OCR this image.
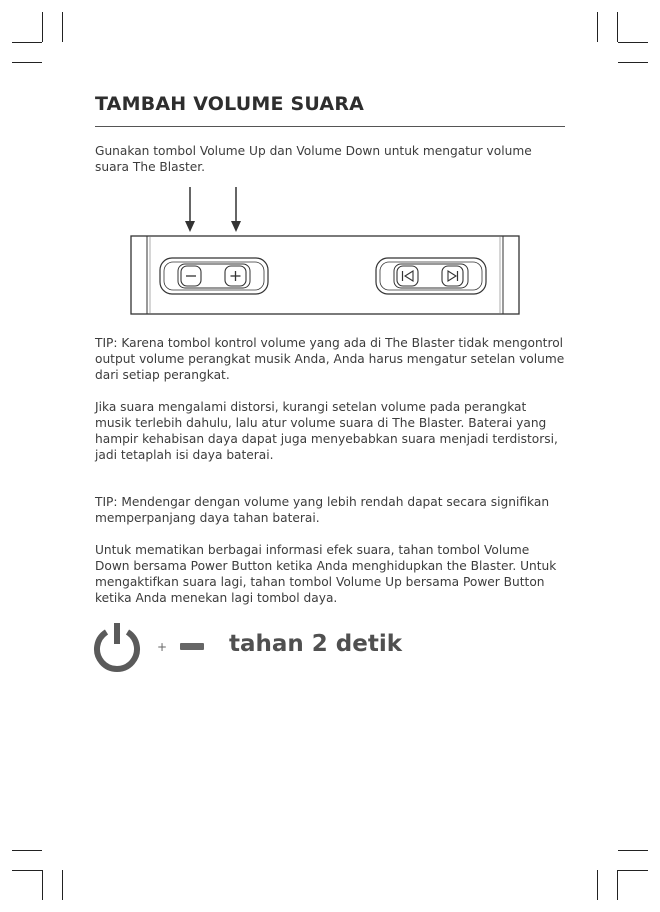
TAMBAH VOLUME SUARA

Gunakan tombol Volume Up dan Volume Down untuk mengatur volume suara The Blaster.

TIP: Karena tombol kontrol volume yang ada di The Blaster tidak mengontrol output volume perangkat musik Anda, Anda harus mengatur setelan volume dari setiap perangkat.

Jika suara mengalami distorsi, kurangi setelan volume pada perangkat musik terlebih dahulu, lalu atur volume suara di The Blaster. Baterai yang hampir kehabisan daya dapat juga menyebabkan suara menjadi terdistorsi, jadi tetaplah isi daya baterai.

TIP: Mendengar dengan volume yang lebih rendah dapat secara signifikan memperpanjang daya tahan baterai.

Untuk mematikan berbagai informasi efek suara, tahan tombol Volume Down bersama Power Button ketika Anda menghidupkan the Blaster. Untuk mengaktifkan suara lagi, tahan tombol Volume Up bersama Power Button ketika Anda menekan lagi tombol daya.

+	tahan 2 detik
